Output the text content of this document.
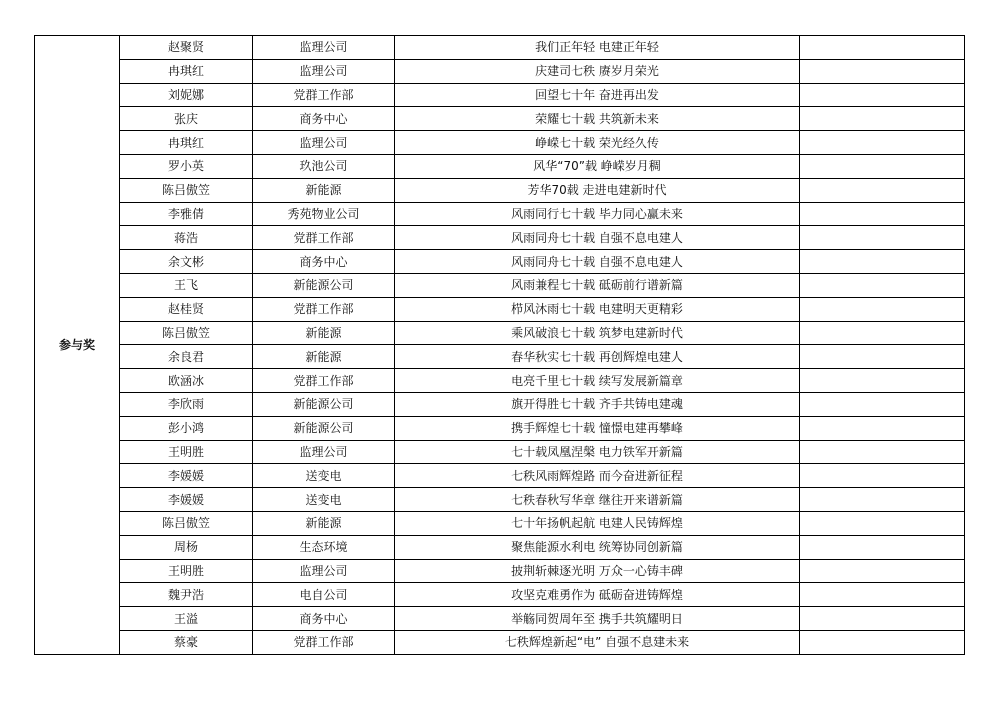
参与奖	赵聚贤	监理公司	我们正年轻 电建正年轻	
	冉琪红	监理公司	庆建司七秩 赓岁月荣光	
	刘妮娜	党群工作部	回望七十年 奋进再出发	
	张庆	商务中心	荣耀七十载 共筑新未来	
	冉琪红	监理公司	峥嵘七十载 荣光经久传	
	罗小英	玖池公司	风华“70”载 峥嵘岁月稠	
	陈吕傲笠	新能源	芳华70载 走进电建新时代	
	李雅倩	秀苑物业公司	风雨同行七十载 毕力同心赢未来	
	蒋浩	党群工作部	风雨同舟七十载 自强不息电建人	
	余文彬	商务中心	风雨同舟七十载 自强不息电建人	
	王飞	新能源公司	风雨兼程七十载 砥砺前行谱新篇	
	赵桂贤	党群工作部	栉风沐雨七十载 电建明天更精彩	
	陈吕傲笠	新能源	乘风破浪七十载 筑梦电建新时代	
	余良君	新能源	春华秋实七十载 再创辉煌电建人	
	欧涵冰	党群工作部	电亮千里七十载 续写发展新篇章	
	李欣雨	新能源公司	旗开得胜七十载 齐手共铸电建魂	
	彭小鸿	新能源公司	携手辉煌七十载 憧憬电建再攀峰	
	王明胜	监理公司	七十载凤凰涅槃 电力铁军开新篇	
	李媛媛	送变电	七秩风雨辉煌路 而今奋进新征程	
	李媛媛	送变电	七秩春秋写华章 继往开来谱新篇	
	陈吕傲笠	新能源	七十年扬帆起航 电建人民铸辉煌	
	周杨	生态环境	聚焦能源水利电 统筹协同创新篇	
	王明胜	监理公司	披荆斩棘逐光明 万众一心铸丰碑	
	魏尹浩	电自公司	攻坚克难勇作为 砥砺奋进铸辉煌	
	王溢	商务中心	举觞同贺周年至 携手共筑耀明日	
	蔡豪	党群工作部	七秩辉煌新起“电” 自强不息建未来	
